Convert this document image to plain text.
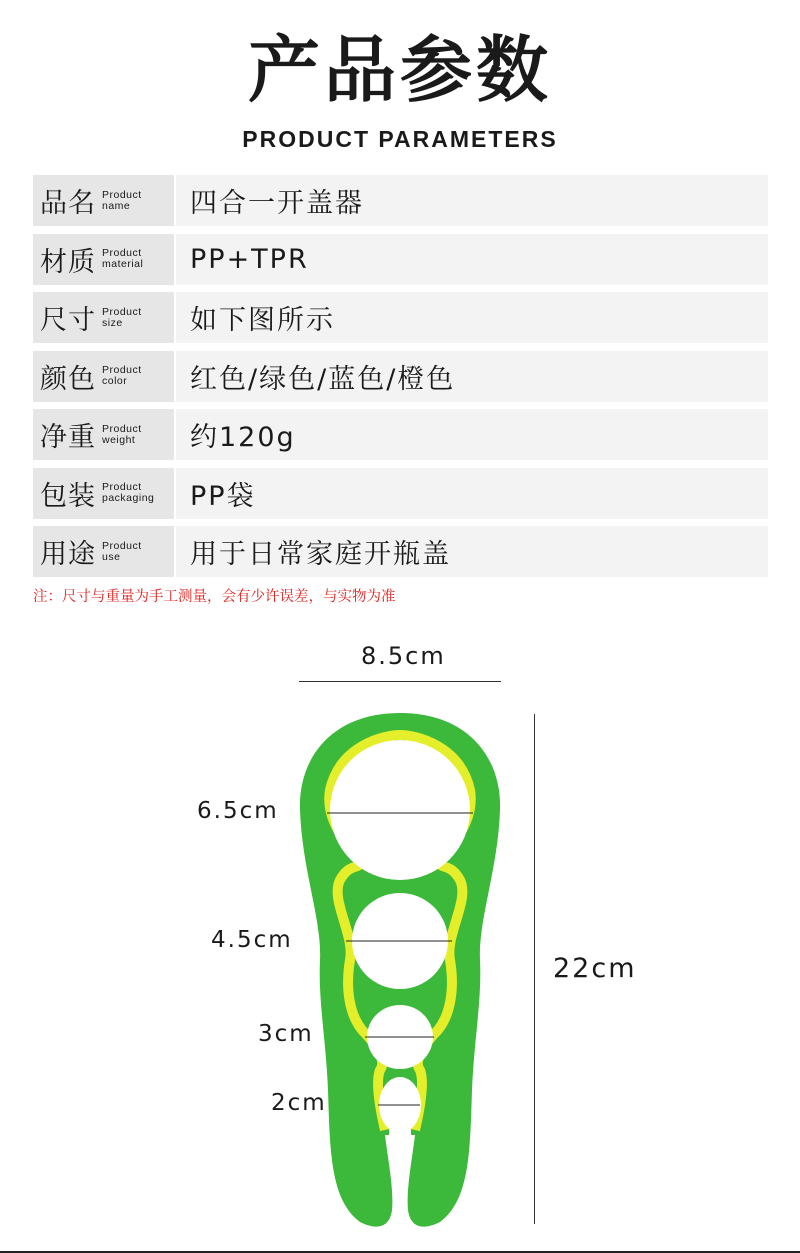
产品参数
PRODUCT PARAMETERS
品名 Product
name	四合一开盖器
材质 Product
material	PP+TPR
尺寸 Product
size	如下图所示
颜色 Product
color	红色/绿色/蓝色/橙色
净重 Product
weight	约120g
包装 Product
packaging	PP袋
用途 Product
use	用于日常家庭开瓶盖
注：尺寸与重量为手工测量，会有少许误差，与实物为准
8.5cm
22cm
6.5cm
4.5cm
3cm
2cm
